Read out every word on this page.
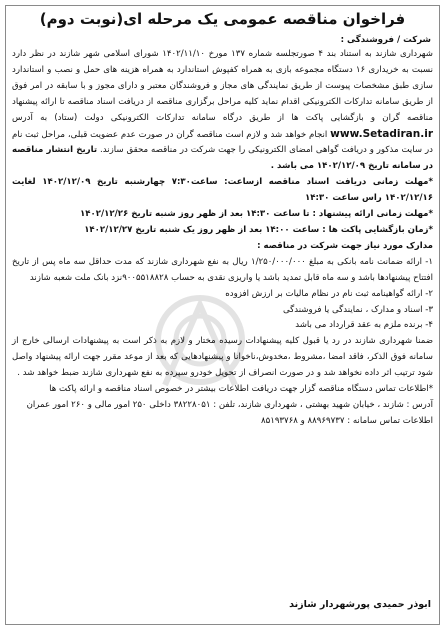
فراخوان مناقصه عمومی یک مرحله ای(نوبت دوم)
شرکت / فروشندگی :

شهرداری شازند به استناد بند ۴ صورتجلسه شماره ۱۳۷ مورخ ۱۴۰۲/۱۱/۱۰ شورای اسلامی شهر شازند در نظر دارد نسبت به خریداری ۱۶ دستگاه مجموعه بازی به همراه کفپوش استاندارد به همراه هزینه های حمل و نصب و استاندارد سازی طبق مشخصات پیوست از طریق نمایندگی های مجاز و فروشندگان معتبر و دارای مجوز و با سابقه در امر فوق از طریق سامانه تدارکات الکترونیکی اقدام نماید کلیه مراحل برگزاری مناقصه از دریافت اسناد مناقصه تا ارائه پیشنهاد مناقصه گران و بازگشایی پاکت ها از طریق درگاه سامانه تدارکات الکترونیکی دولت (ستاد) به آدرس www.Setadiran.ir انجام خواهد شد و لازم است مناقصه گران در صورت عدم عضویت قبلی، مراحل ثبت نام در سایت مذکور و دریافت گواهی امضای الکترونیکی را جهت شرکت در مناقصه محقق سازند. تاریخ انتشار مناقصه در سامانه تاریخ ۱۴۰۲/۱۲/۰۹ می باشد .

*مهلت زمانی دریافت اسناد مناقصه ازساعت: ساعت۷:۳۰ چهارشنبه تاریخ ۱۴۰۲/۱۲/۰۹ لغایت ۱۴۰۲/۱۲/۱۶ راس ساعت ۱۴:۳۰

*مهلت زمانی ارائه پیشنهاد : تا ساعت ۱۴:۳۰ بعد از ظهر روز شنبه تاریخ ۱۴۰۲/۱۲/۲۶

*زمان بازگشایی پاکت ها : ساعت ۱۴:۰۰ بعد از ظهر روز یک شنبه تاریخ ۱۴۰۲/۱۲/۲۷

مدارک مورد نیاز جهت شرکت در مناقصه :

۱- ارائه ضمانت نامه بانکی به مبلغ ۱/۲۵۰/۰۰۰/۰۰۰ ریال به نفع شهرداری شازند که مدت حداقل سه ماه پس از تاریخ افتتاح پیشنهادها باشد و سه ماه قابل تمدید باشد یا واریزی نقدی به حساب ۹۰۰۵۵۱۸۸۲۸نزد بانک ملت شعبه شازند

۲- ارائه گواهینامه ثبت نام در نظام مالیات بر ارزش افزوده

۳- اسناد و مدارک ، نمایندگی یا فروشندگی

۴- برنده ملزم به عقد قرارداد می باشد

ضمنا شهرداری شازند در رد یا قبول کلیه پیشنهادات رسیده مختار و لازم به ذکر است به پیشنهادات ارسالی خارج از سامانه فوق الذکر، فاقد امضا ،مشروط ،مخدوش،ناخوانا و پیشنهادهایی که بعد از موعد مقرر جهت ارائه پیشنهاد واصل شود ترتیب اثر داده نخواهد شد و در صورت انصراف از تحویل خودرو سپرده به نفع شهرداری شازند ضبط خواهد شد .

*اطلاعات تماس دستگاه مناقصه گزار جهت دریافت اطلاعات بیشتر در خصوص اسناد مناقصه و ارائه پاکت ها

آدرس : شازند ، خیابان شهید بهشتی ، شهرداری شازند، تلفن : ۳۸۲۲۸۰۵۱ داخلی ۲۵۰ امور مالی و ۲۶۰ امور عمران

اطلاعات تماس سامانه : ۸۸۹۶۹۷۳۷ و ۸۵۱۹۳۷۶۸

ابوذر حمیدی پورشهردار شازند
